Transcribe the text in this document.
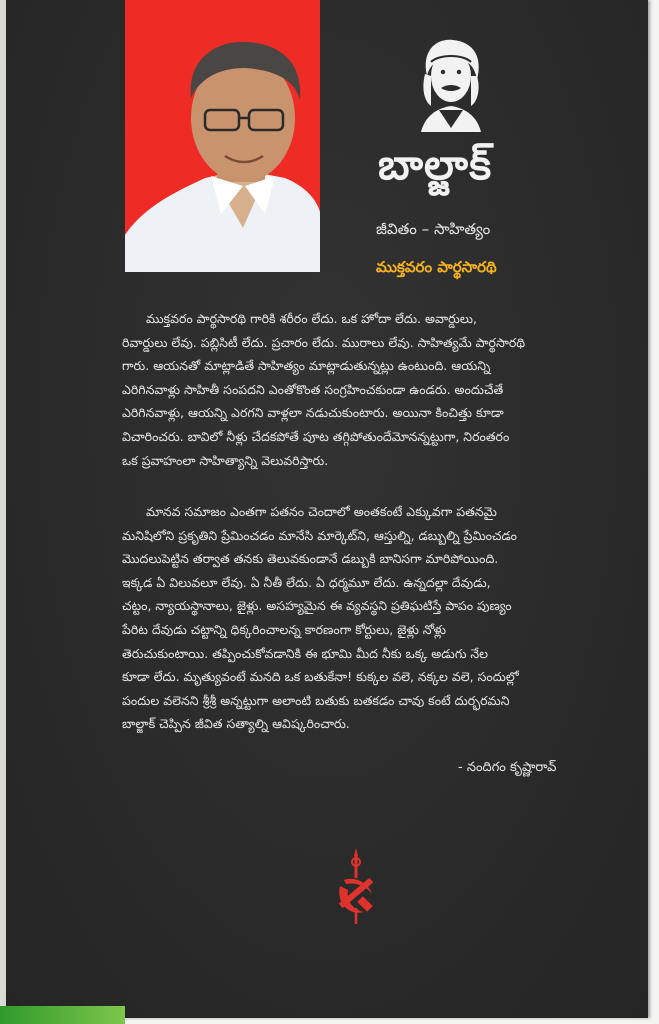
బాల్జాక్
జీవితం – సాహిత్యం
ముక్తవరం పార్థసారథి
ముక్తవరం పార్థసారథి గారికి శరీరం లేదు. ఒక హోదా లేదు. అవార్డులు,
రివార్డులు లేవు. పబ్లిసిటీ లేదు. ప్రచారం లేదు. మురాలు లేవు. సాహిత్యమే పార్థసారథి
గారు. ఆయనతో మాట్లాడితే సాహిత్యం మాట్లాడుతున్నట్లు ఉంటుంది. ఆయన్ని
ఎరిగినవాళ్లు సాహితీ సంపదని ఎంతోకొంత సంగ్రహించకుండా ఉండరు. అందుచేతే
ఎరిగినవాళ్లు, ఆయన్ని ఎరగని వాళ్లలా నడుచుకుంటారు. అయినా కించిత్తు కూడా
విచారించరు. బావిలో నీళ్లు చేదకపోతే పూట తగ్గిపోతుందేమోనన్నట్టుగా, నిరంతరం
ఒక ప్రవాహంలా సాహిత్యాన్ని వెలువరిస్తారు.
మానవ సమాజం ఎంతగా పతనం చెందాలో అంతకంటే ఎక్కువగా పతనమై
మనిషిలోని ప్రకృతిని ప్రేమించడం మానేసి మార్కెట్‌ని, ఆస్తుల్ని, డబ్బుల్ని ప్రేమించడం
మొదలుపెట్టిన తర్వాత తనకు తెలువకుండానే డబ్బుకి బానిసగా మారిపోయింది.
ఇక్కడ ఏ విలువలూ లేవు. ఏ నీతీ లేదు. ఏ ధర్మమూ లేదు. ఉన్నదల్లా దేవుడు,
చట్టం, న్యాయస్థానాలు, జైళ్లు. అసహ్యమైన ఈ వ్యవస్థని ప్రతిఘటిస్తే పాపం పుణ్యం
పేరిట దేవుడు చట్టాన్ని ధిక్కరించాలన్న కారణంగా కోర్టులు, జైళ్లు నోళ్లు
తెరుచుకుంటాయి. తప్పించుకోవడానికి ఈ భూమి మీద నీకు ఒక్క అడుగు నేల
కూడా లేదు. మృత్యువంటే మనది ఒక బతుకేనా! కుక్కల వలె, నక్కల వలె, సందుల్లో
పందుల వలెనని శ్రీశ్రీ అన్నట్టుగా అలాంటి బతుకు బతకడం చావు కంటే దుర్భరమని
బాల్జాక్ చెప్పిన జీవిత సత్యాల్ని ఆవిష్కరించారు.
- నందిగం కృష్ణారావ్
